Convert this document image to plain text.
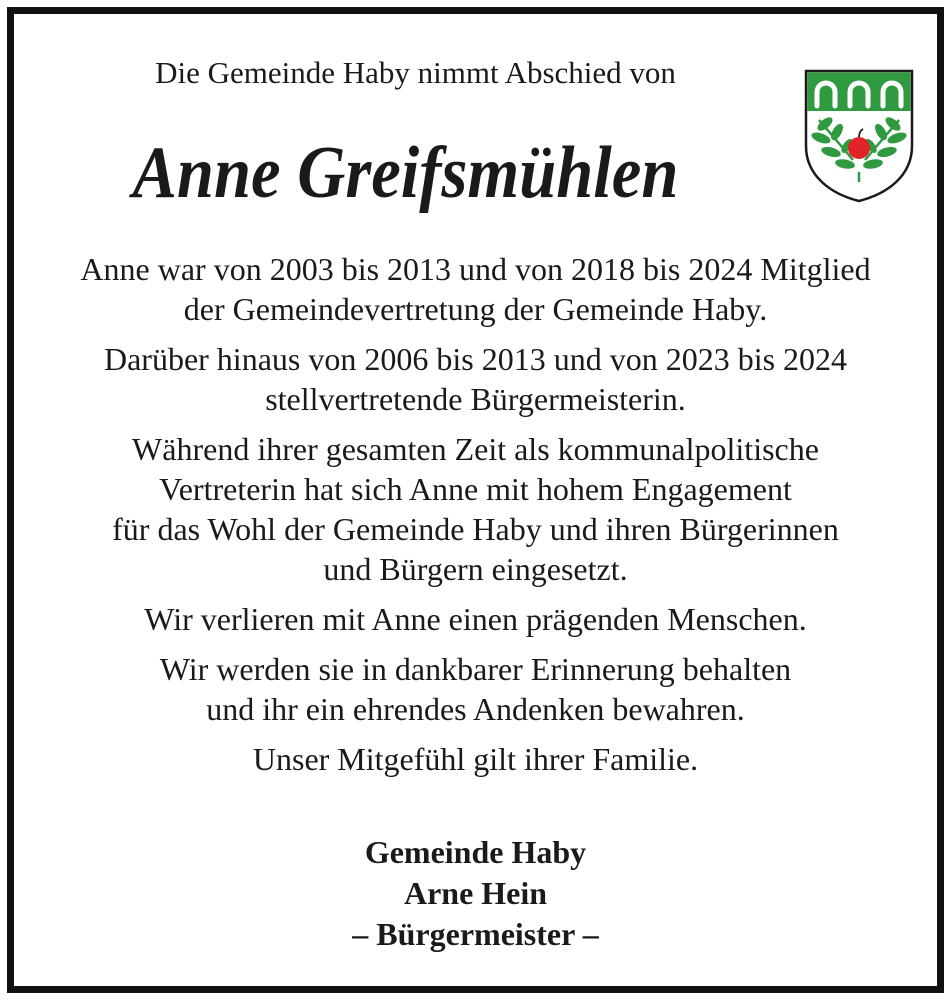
Die Gemeinde Haby nimmt Abschied von
Anne Greifsmühlen

Anne war von 2003 bis 2013 und von 2018 bis 2024 Mitglied
der Gemeindevertretung der Gemeinde Haby.

Darüber hinaus von 2006 bis 2013 und von 2023 bis 2024
stellvertretende Bürgermeisterin.

Während ihrer gesamten Zeit als kommunalpolitische
Vertreterin hat sich Anne mit hohem Engagement
für das Wohl der Gemeinde Haby und ihren Bürgerinnen
und Bürgern eingesetzt.

Wir verlieren mit Anne einen prägenden Menschen.

Wir werden sie in dankbarer Erinnerung behalten
und ihr ein ehrendes Andenken bewahren.

Unser Mitgefühl gilt ihrer Familie.

Gemeinde Haby
Arne Hein
– Bürgermeister –
